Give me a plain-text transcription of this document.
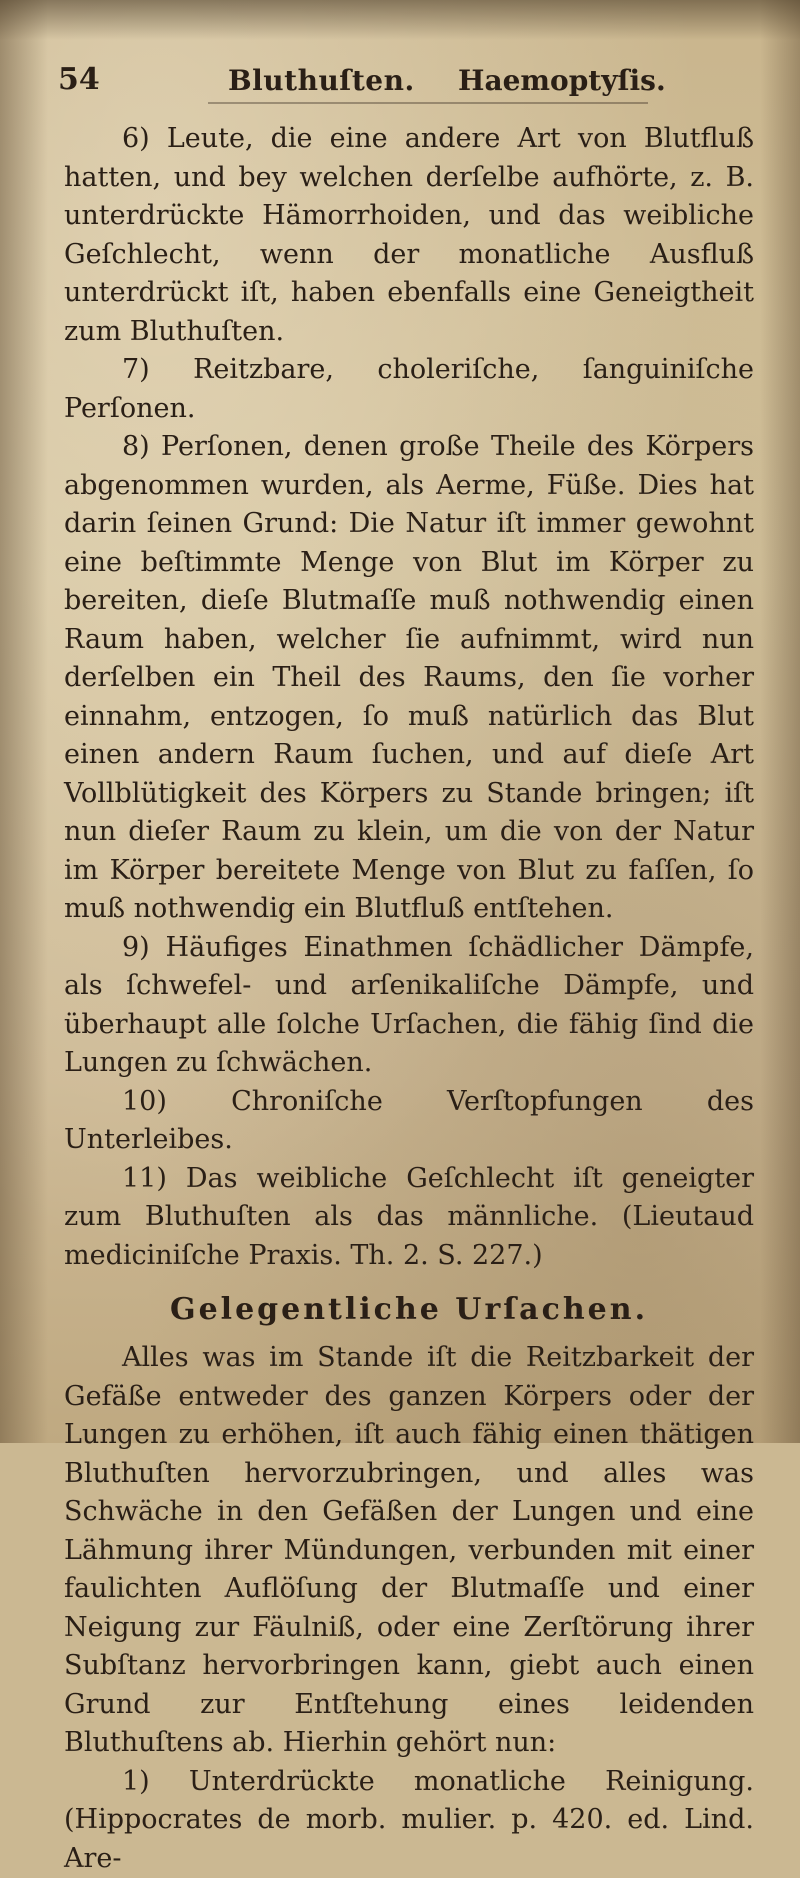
54	Bluthuſten. Haemoptyſis.

6) Leute, die eine andere Art von Blutfluß hatten, und bey welchen derſelbe aufhörte, z. B. unterdrückte Hämorrhoiden, und das weibliche Geſchlecht, wenn der monatliche Ausfluß unterdrückt iſt, haben ebenfalls eine Geneigtheit zum Bluthuſten.

7) Reitzbare, choleriſche, ſanguiniſche Perſonen.

8) Perſonen, denen große Theile des Körpers abgenommen wurden, als Aerme, Füße. Dies hat darin ſeinen Grund: Die Natur iſt immer gewohnt eine beſtimmte Menge von Blut im Körper zu bereiten, dieſe Blutmaſſe muß nothwendig einen Raum haben, welcher ſie aufnimmt, wird nun derſelben ein Theil des Raums, den ſie vorher einnahm, entzogen, ſo muß natürlich das Blut einen andern Raum ſuchen, und auf dieſe Art Vollblütigkeit des Körpers zu Stande bringen; iſt nun dieſer Raum zu klein, um die von der Natur im Körper bereitete Menge von Blut zu faſſen, ſo muß nothwendig ein Blutfluß entſtehen.

9) Häufiges Einathmen ſchädlicher Dämpfe, als ſchwefel- und arſenikaliſche Dämpfe, und überhaupt alle ſolche Urſachen, die fähig ſind die Lungen zu ſchwächen.

10) Chroniſche Verſtopfungen des Unterleibes.

11) Das weibliche Geſchlecht iſt geneigter zum Bluthuſten als das männliche. (Lieutaud mediciniſche Praxis. Th. 2. S. 227.)

Gelegentliche Urſachen.

Alles was im Stande iſt die Reitzbarkeit der Gefäße entweder des ganzen Körpers oder der Lungen zu erhöhen, iſt auch fähig einen thätigen Bluthuſten hervorzubringen, und alles was Schwäche in den Gefäßen der Lungen und eine Lähmung ihrer Mündungen, verbunden mit einer faulichten Auflöſung der Blutmaſſe und einer Neigung zur Fäulniß, oder eine Zerſtörung ihrer Subſtanz hervorbringen kann, giebt auch einen Grund zur Entſtehung eines leidenden Bluthuſtens ab. Hierhin gehört nun:

1) Unterdrückte monatliche Reinigung. (Hippocrates de morb. mulier. p. 420. ed. Lind. Are-
